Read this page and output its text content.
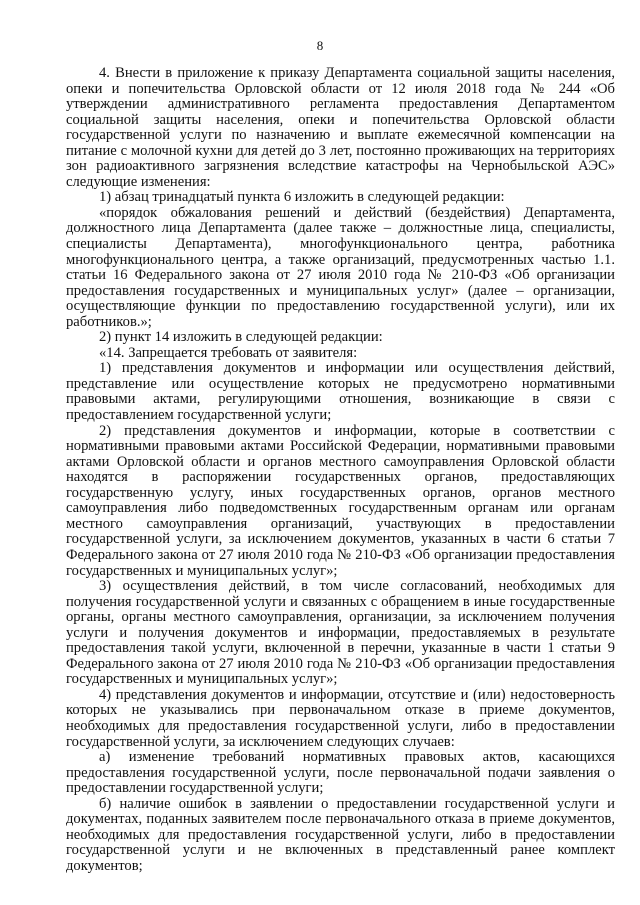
8

4. Внести в приложение к приказу Департамента социальной защиты населения, опеки и попечительства Орловской области от 12 июля 2018 года № 244 «Об утверждении административного регламента предоставления Департаментом социальной защиты населения, опеки и попечительства Орловской области государственной услуги по назначению и выплате ежемесячной компенсации на питание с молочной кухни для детей до 3 лет, постоянно проживающих на территориях зон радиоактивного загрязнения вследствие катастрофы на Чернобыльской АЭС» следующие изменения:

1) абзац тринадцатый пункта 6 изложить в следующей редакции:

«порядок обжалования решений и действий (бездействия) Департамента, должностного лица Департамента (далее также – должностные лица, специалисты, специалисты Департамента), многофункционального центра, работника многофункционального центра, а также организаций, предусмотренных частью 1.1. статьи 16 Федерального закона от 27 июля 2010 года № 210-ФЗ «Об организации предоставления государственных и муниципальных услуг» (далее – организации, осуществляющие функции по предоставлению государственной услуги), или их работников.»;

2) пункт 14 изложить в следующей редакции:

«14. Запрещается требовать от заявителя:

1) представления документов и информации или осуществления действий, представление или осуществление которых не предусмотрено нормативными правовыми актами, регулирующими отношения, возникающие в связи с предоставлением государственной услуги;

2) представления документов и информации, которые в соответствии с нормативными правовыми актами Российской Федерации, нормативными правовыми актами Орловской области и органов местного самоуправления Орловской области находятся в распоряжении государственных органов, предоставляющих государственную услугу, иных государственных органов, органов местного самоуправления либо подведомственных государственным органам или органам местного самоуправления организаций, участвующих в предоставлении государственной услуги, за исключением документов, указанных в части 6 статьи 7 Федерального закона от 27 июля 2010 года № 210-ФЗ «Об организации предоставления государственных и муниципальных услуг»;

3) осуществления действий, в том числе согласований, необходимых для получения государственной услуги и связанных с обращением в иные государственные органы, органы местного самоуправления, организации, за исключением получения услуги и получения документов и информации, предоставляемых в результате предоставления такой услуги, включенной в перечни, указанные в части 1 статьи 9 Федерального закона от 27 июля 2010 года № 210-ФЗ «Об организации предоставления государственных и муниципальных услуг»;

4) представления документов и информации, отсутствие и (или) недостоверность которых не указывались при первоначальном отказе в приеме документов, необходимых для предоставления государственной услуги, либо в предоставлении государственной услуги, за исключением следующих случаев:

а) изменение требований нормативных правовых актов, касающихся предоставления государственной услуги, после первоначальной подачи заявления о предоставлении государственной услуги;

б) наличие ошибок в заявлении о предоставлении государственной услуги и документах, поданных заявителем после первоначального отказа в приеме документов, необходимых для предоставления государственной услуги, либо в предоставлении государственной услуги и не включенных в представленный ранее комплект документов;
